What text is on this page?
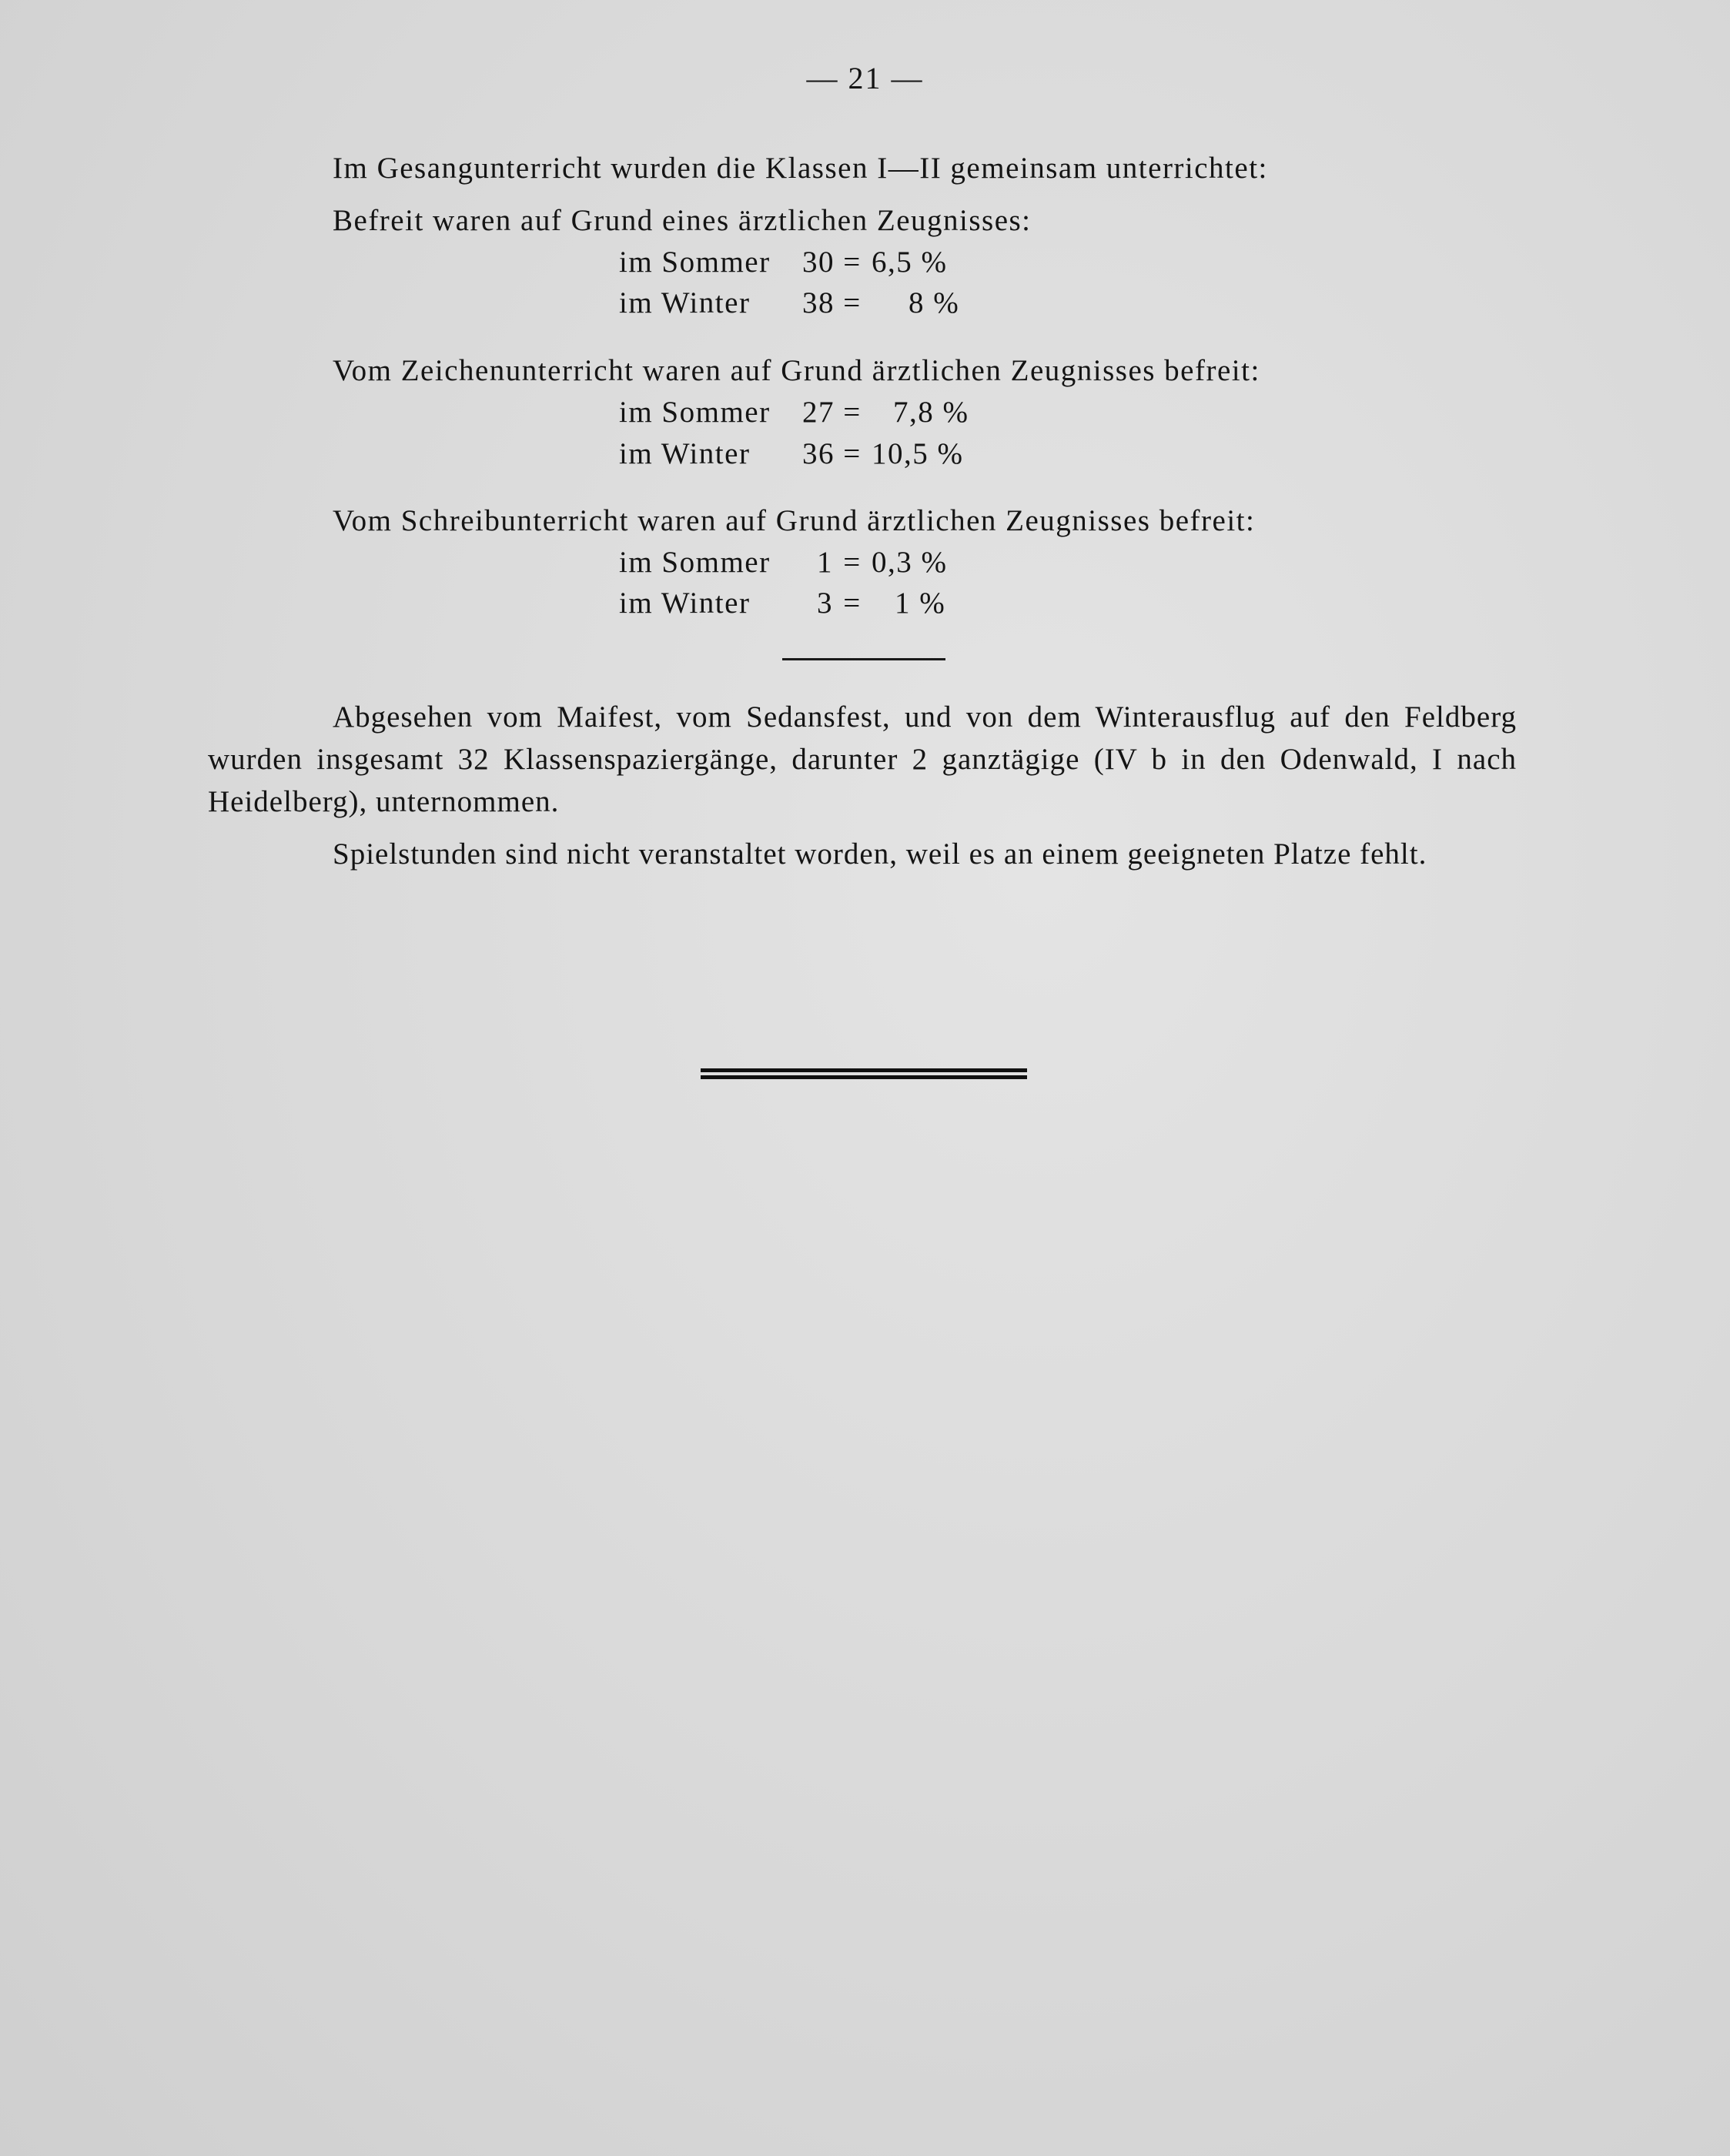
— 21 —
Im Gesangunterricht wurden die Klassen I—II gemeinsam unterrichtet:
Befreit waren auf Grund eines ärztlichen Zeugnisses:
im Sommer 30 = 6,5 %
im Winter 38 = 8 %
Vom Zeichenunterricht waren auf Grund ärztlichen Zeugnisses befreit:
im Sommer 27 = 7,8 %
im Winter 36 = 10,5 %
Vom Schreibunterricht waren auf Grund ärztlichen Zeugnisses befreit:
im Sommer 1 = 0,3 %
im Winter 3 = 1 %
Abgesehen vom Maifest, vom Sedansfest, und von dem Winterausflug auf den Feldberg wurden insgesamt 32 Klassenspaziergänge, darunter 2 ganztägige (IV b in den Odenwald, I nach Heidelberg), unternommen.
Spielstunden sind nicht veranstaltet worden, weil es an einem geeigneten Platze fehlt.
